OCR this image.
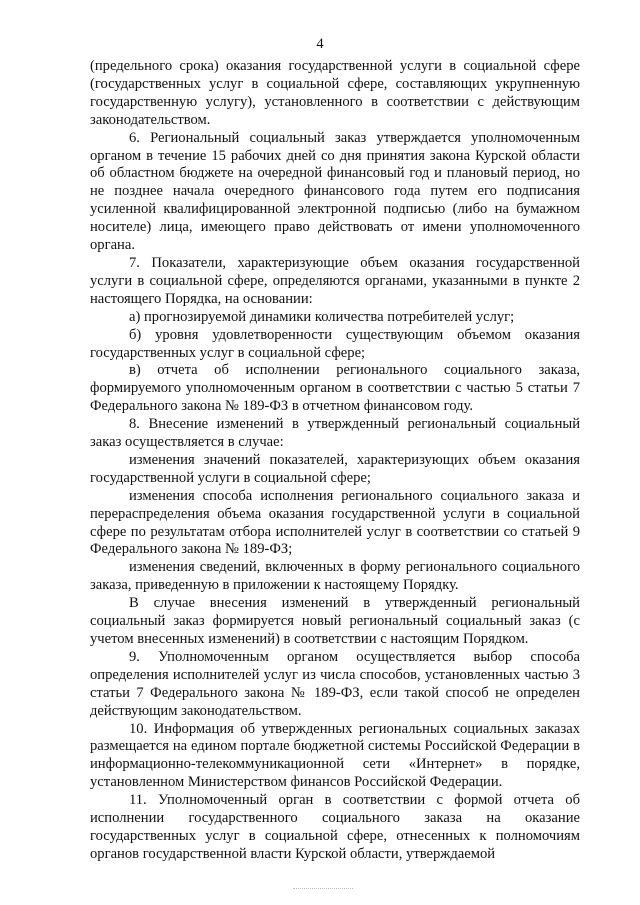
4

(предельного срока) оказания государственной услуги в социальной сфере (государственных услуг в социальной сфере, составляющих укрупненную государственную услугу), установленного в соответствии с действующим законодательством.

6. Региональный социальный заказ утверждается уполномоченным органом в течение 15 рабочих дней со дня принятия закона Курской области об областном бюджете на очередной финансовый год и плановый период, но не позднее начала очередного финансового года путем его подписания усиленной квалифицированной электронной подписью (либо на бумажном носителе) лица, имеющего право действовать от имени уполномоченного органа.

7. Показатели, характеризующие объем оказания государственной услуги в социальной сфере, определяются органами, указанными в пункте 2 настоящего Порядка, на основании:

а) прогнозируемой динамики количества потребителей услуг;

б) уровня удовлетворенности существующим объемом оказания государственных услуг в социальной сфере;

в) отчета об исполнении регионального социального заказа, формируемого уполномоченным органом в соответствии с частью 5 статьи 7 Федерального закона № 189-ФЗ в отчетном финансовом году.

8. Внесение изменений в утвержденный региональный социальный заказ осуществляется в случае:

изменения значений показателей, характеризующих объем оказания государственной услуги в социальной сфере;

изменения способа исполнения регионального социального заказа и перераспределения объема оказания государственной услуги в социальной сфере по результатам отбора исполнителей услуг в соответствии со статьей 9 Федерального закона № 189-ФЗ;

изменения сведений, включенных в форму регионального социального заказа, приведенную в приложении к настоящему Порядку.

В случае внесения изменений в утвержденный региональный социальный заказ формируется новый региональный социальный заказ (с учетом внесенных изменений) в соответствии с настоящим Порядком.

9. Уполномоченным органом осуществляется выбор способа определения исполнителей услуг из числа способов, установленных частью 3 статьи 7 Федерального закона № 189-ФЗ, если такой способ не определен действующим законодательством.

10. Информация об утвержденных региональных социальных заказах размещается на едином портале бюджетной системы Российской Федерации в информационно-телекоммуникационной сети «Интернет» в порядке, установленном Министерством финансов Российской Федерации.

11. Уполномоченный орган в соответствии с формой отчета об исполнении государственного социального заказа на оказание государственных услуг в социальной сфере, отнесенных к полномочиям органов государственной власти Курской области, утверждаемой
